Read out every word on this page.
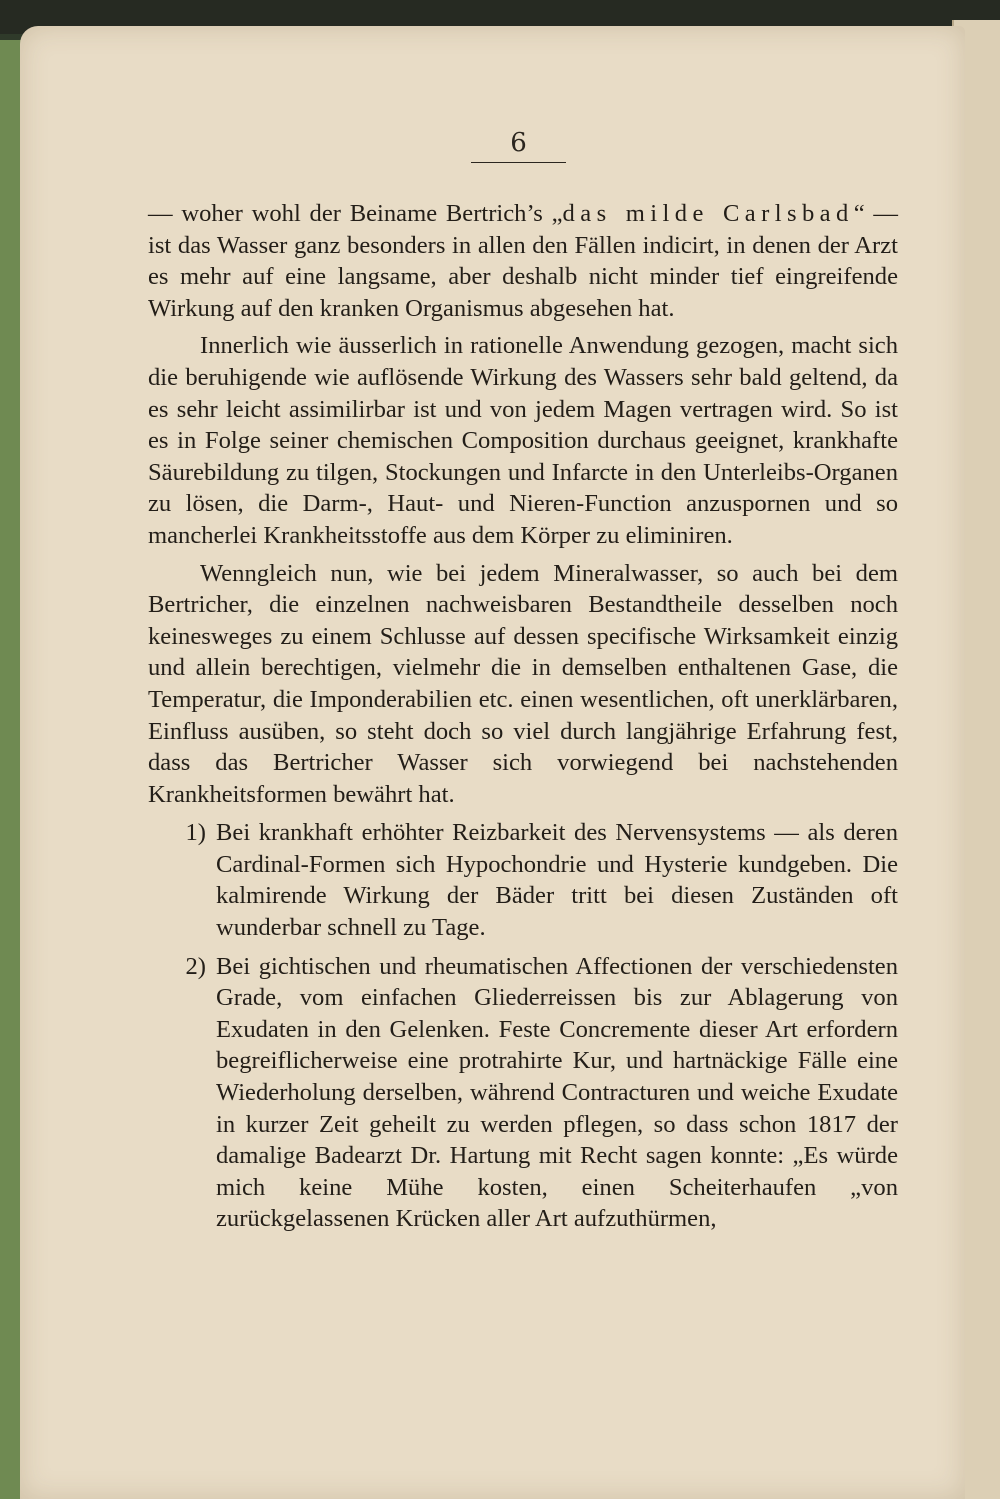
6

— woher wohl der Beiname Bertrich’s „das milde Carlsbad“ — ist das Wasser ganz besonders in allen den Fällen indicirt, in denen der Arzt es mehr auf eine langsame, aber deshalb nicht minder tief eingreifende Wirkung auf den kranken Organismus abgesehen hat.

Innerlich wie äusserlich in rationelle Anwendung gezogen, macht sich die beruhigende wie auflösende Wirkung des Wassers sehr bald geltend, da es sehr leicht assimilirbar ist und von jedem Magen vertragen wird. So ist es in Folge seiner chemischen Composition durchaus geeignet, krankhafte Säurebildung zu tilgen, Stockungen und Infarcte in den Unterleibs-Organen zu lösen, die Darm-, Haut- und Nieren-Function anzuspornen und so mancherlei Krankheitsstoffe aus dem Körper zu eliminiren.

Wenngleich nun, wie bei jedem Mineralwasser, so auch bei dem Bertricher, die einzelnen nachweisbaren Bestandtheile desselben noch keinesweges zu einem Schlusse auf dessen specifische Wirksamkeit einzig und allein berechtigen, vielmehr die in demselben enthaltenen Gase, die Temperatur, die Imponderabilien etc. einen wesentlichen, oft unerklärbaren, Einfluss ausüben, so steht doch so viel durch langjährige Erfahrung fest, dass das Bertricher Wasser sich vorwiegend bei nachstehenden Krankheitsformen bewährt hat.

1) Bei krankhaft erhöhter Reizbarkeit des Nervensystems — als deren Cardinal-Formen sich Hypochondrie und Hysterie kundgeben. Die kalmirende Wirkung der Bäder tritt bei diesen Zuständen oft wunderbar schnell zu Tage.
2) Bei gichtischen und rheumatischen Affectionen der verschiedensten Grade, vom einfachen Gliederreissen bis zur Ablagerung von Exudaten in den Gelenken. Feste Concremente dieser Art erfordern begreiflicherweise eine protrahirte Kur, und hartnäckige Fälle eine Wiederholung derselben, während Contracturen und weiche Exudate in kurzer Zeit geheilt zu werden pflegen, so dass schon 1817 der damalige Badearzt Dr. Hartung mit Recht sagen konnte: „Es würde mich keine Mühe kosten, einen Scheiterhaufen „von zurückgelassenen Krücken aller Art aufzuthürmen,
